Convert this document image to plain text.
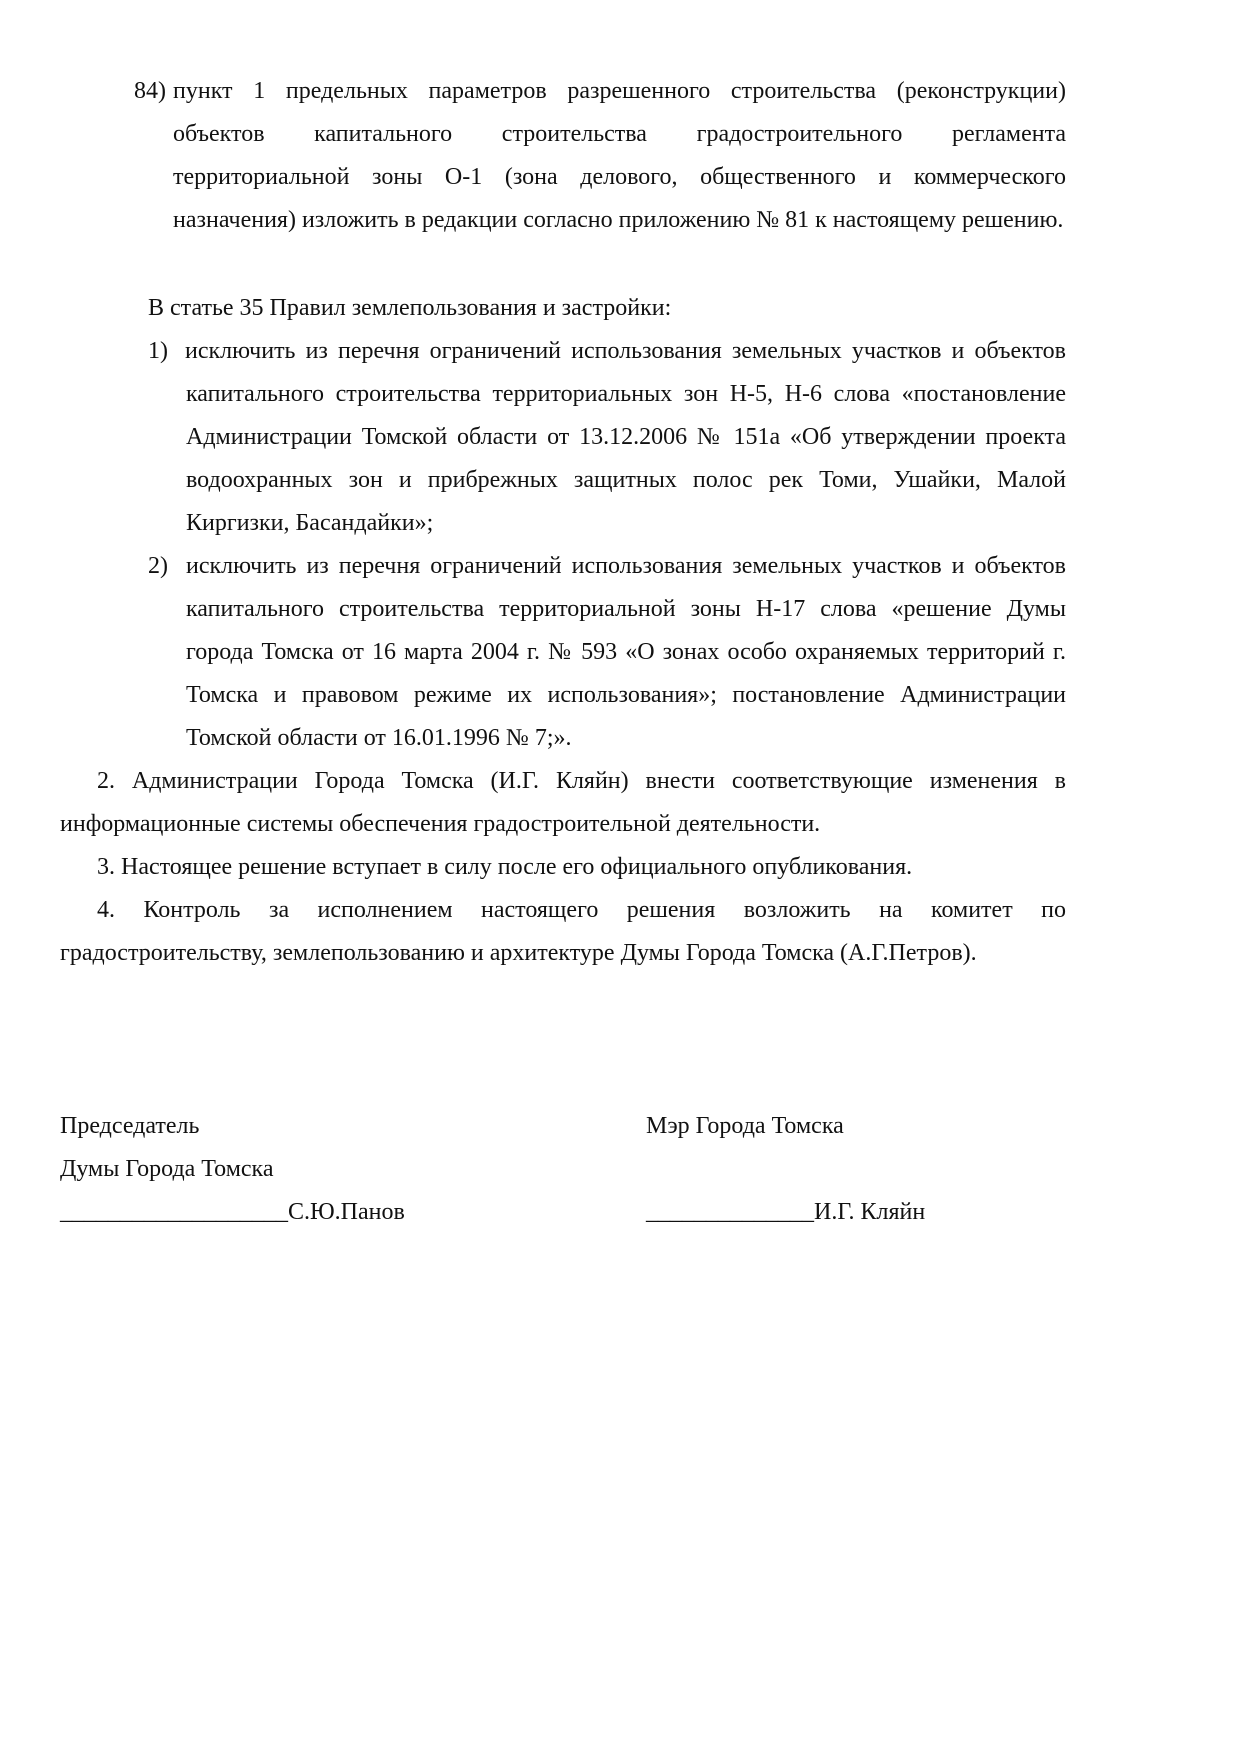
84) пункт 1 предельных параметров разрешенного строительства (реконструкции) объектов капитального строительства градостроительного регламента территориальной зоны О-1 (зона делового, общественного и коммерческого назначения) изложить в редакции согласно приложению № 81 к настоящему решению.

В статье 35 Правил землепользования и застройки:
1) исключить из перечня ограничений использования земельных участков и объектов капитального строительства территориальных зон Н-5, Н-6 слова «постановление Администрации Томской области от 13.12.2006 № 151а «Об утверждении проекта водоохранных зон и прибрежных защитных полос рек Томи, Ушайки, Малой Киргизки, Басандайки»;

2) исключить из перечня ограничений использования земельных участков и объектов капитального строительства территориальной зоны Н-17 слова «решение Думы города Томска от 16 марта 2004 г. № 593 «О зонах особо охраняемых территорий г. Томска и правовом режиме их использования»; постановление Администрации Томской области от 16.01.1996 № 7;».

2. Администрации Города Томска (И.Г. Кляйн) внести соответствующие изменения в информационные системы обеспечения градостроительной деятельности.

3. Настоящее решение вступает в силу после его официального опубликования.

4. Контроль за исполнением настоящего решения возложить на комитет по градостроительству, землепользованию и архитектуре Думы Города Томска (А.Г.Петров).

Председатель
Думы Города Томска
___________________С.Ю.Панов
Мэр Города Томска
______________И.Г. Кляйн
